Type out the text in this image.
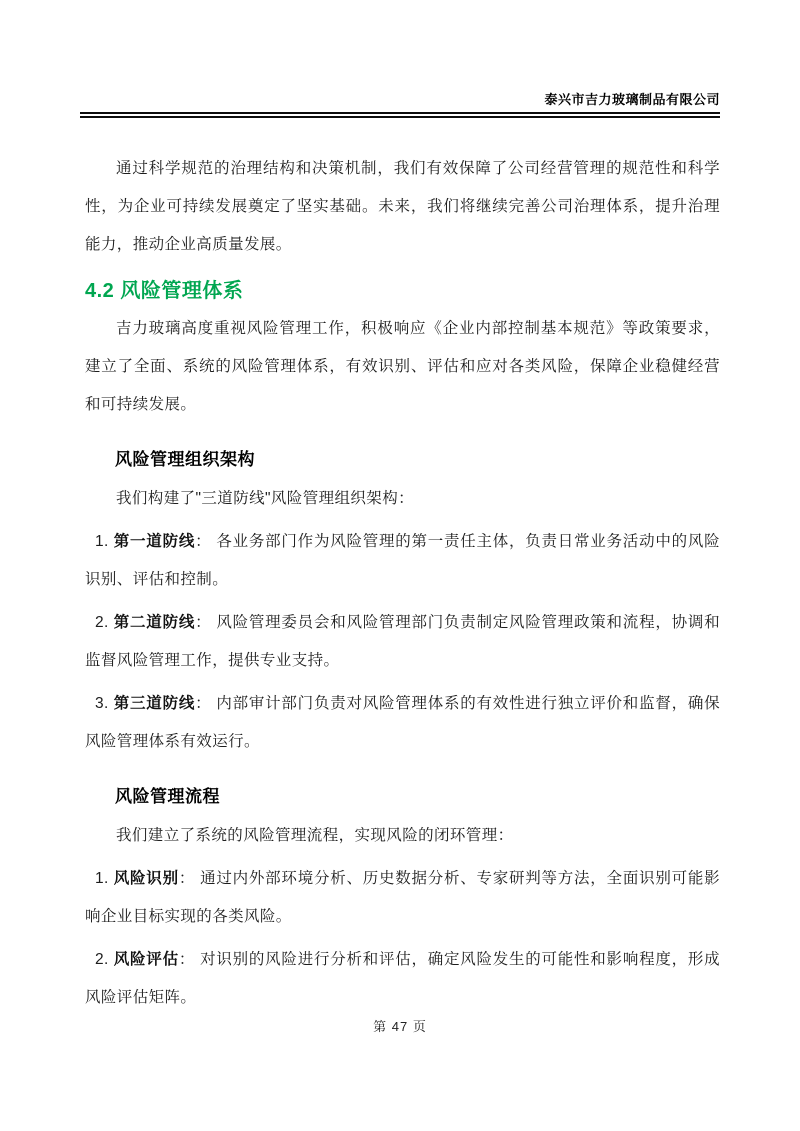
泰兴市吉力玻璃制品有限公司

通过科学规范的治理结构和决策机制，我们有效保障了公司经营管理的规范性和科学性，为企业可持续发展奠定了坚实基础。未来，我们将继续完善公司治理体系，提升治理能力，推动企业高质量发展。

4.2 风险管理体系

吉力玻璃高度重视风险管理工作，积极响应《企业内部控制基本规范》等政策要求，建立了全面、系统的风险管理体系，有效识别、评估和应对各类风险，保障企业稳健经营和可持续发展。

风险管理组织架构

我们构建了"三道防线"风险管理组织架构：

1. 第一道防线： 各业务部门作为风险管理的第一责任主体，负责日常业务活动中的风险识别、评估和控制。

2. 第二道防线： 风险管理委员会和风险管理部门负责制定风险管理政策和流程，协调和监督风险管理工作，提供专业支持。

3. 第三道防线： 内部审计部门负责对风险管理体系的有效性进行独立评价和监督，确保风险管理体系有效运行。

风险管理流程

我们建立了系统的风险管理流程，实现风险的闭环管理：

1. 风险识别： 通过内外部环境分析、历史数据分析、专家研判等方法，全面识别可能影响企业目标实现的各类风险。

2. 风险评估： 对识别的风险进行分析和评估，确定风险发生的可能性和影响程度，形成风险评估矩阵。

第 47 页
